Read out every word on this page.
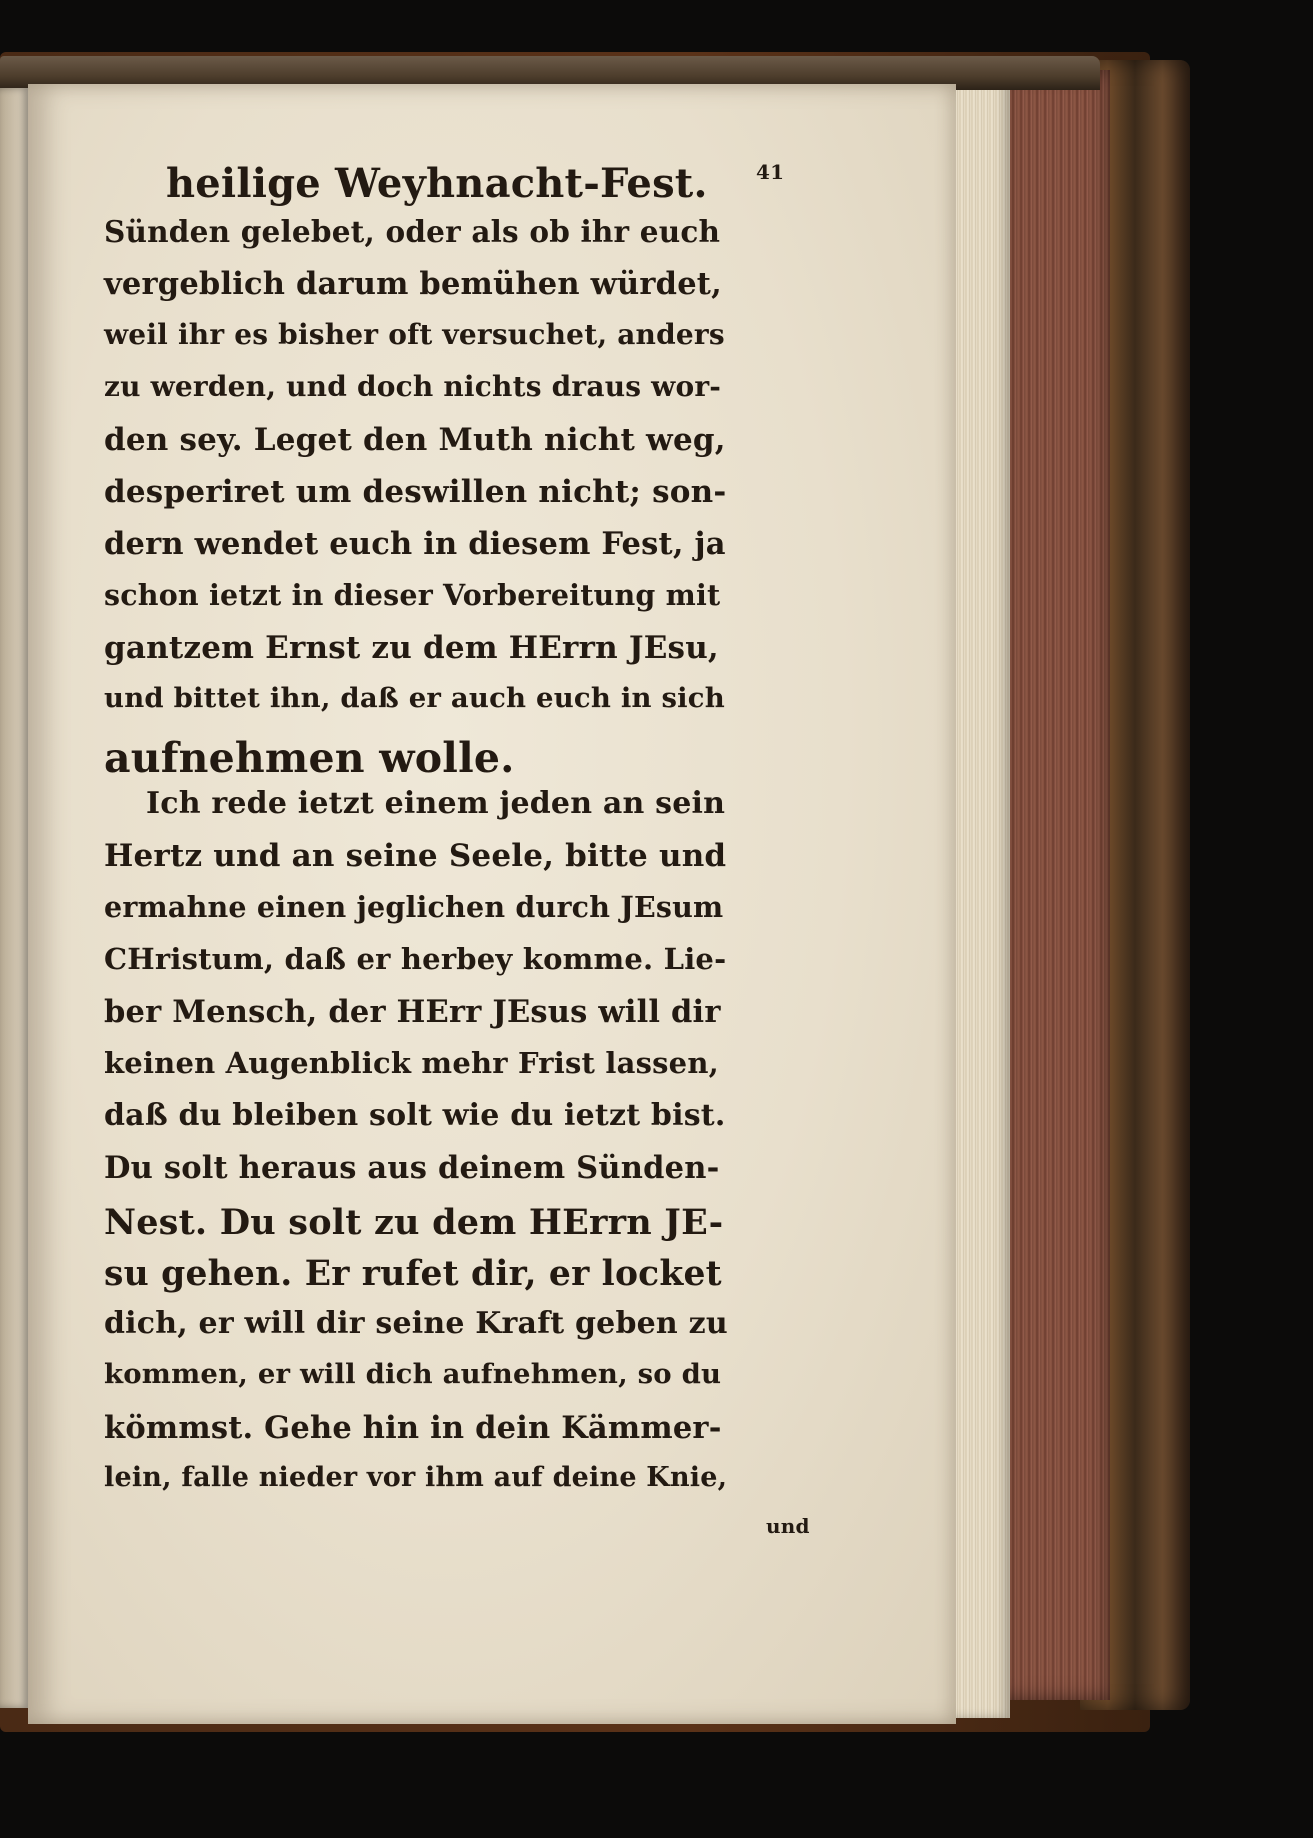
heilige Weyhnacht-Fest. 41
Sünden gelebet, oder als ob ihr euch
vergeblich darum bemühen würdet,
weil ihr es bisher oft versuchet, anders
zu werden, und doch nichts draus wor-
den sey. Leget den Muth nicht weg,
desperiret um deswillen nicht; son-
dern wendet euch in diesem Fest, ja
schon ietzt in dieser Vorbereitung mit
gantzem Ernst zu dem HErrn JEsu,
und bittet ihn, daß er auch euch in sich
aufnehmen wolle.
Ich rede ietzt einem jeden an sein
Hertz und an seine Seele, bitte und
ermahne einen jeglichen durch JEsum
CHristum, daß er herbey komme. Lie-
ber Mensch, der HErr JEsus will dir
keinen Augenblick mehr Frist lassen,
daß du bleiben solt wie du ietzt bist.
Du solt heraus aus deinem Sünden-
Nest. Du solt zu dem HErrn JE-
su gehen. Er rufet dir, er locket
dich, er will dir seine Kraft geben zu
kommen, er will dich aufnehmen, so du
kömmst. Gehe hin in dein Kämmer-
lein, falle nieder vor ihm auf deine Knie,
und
